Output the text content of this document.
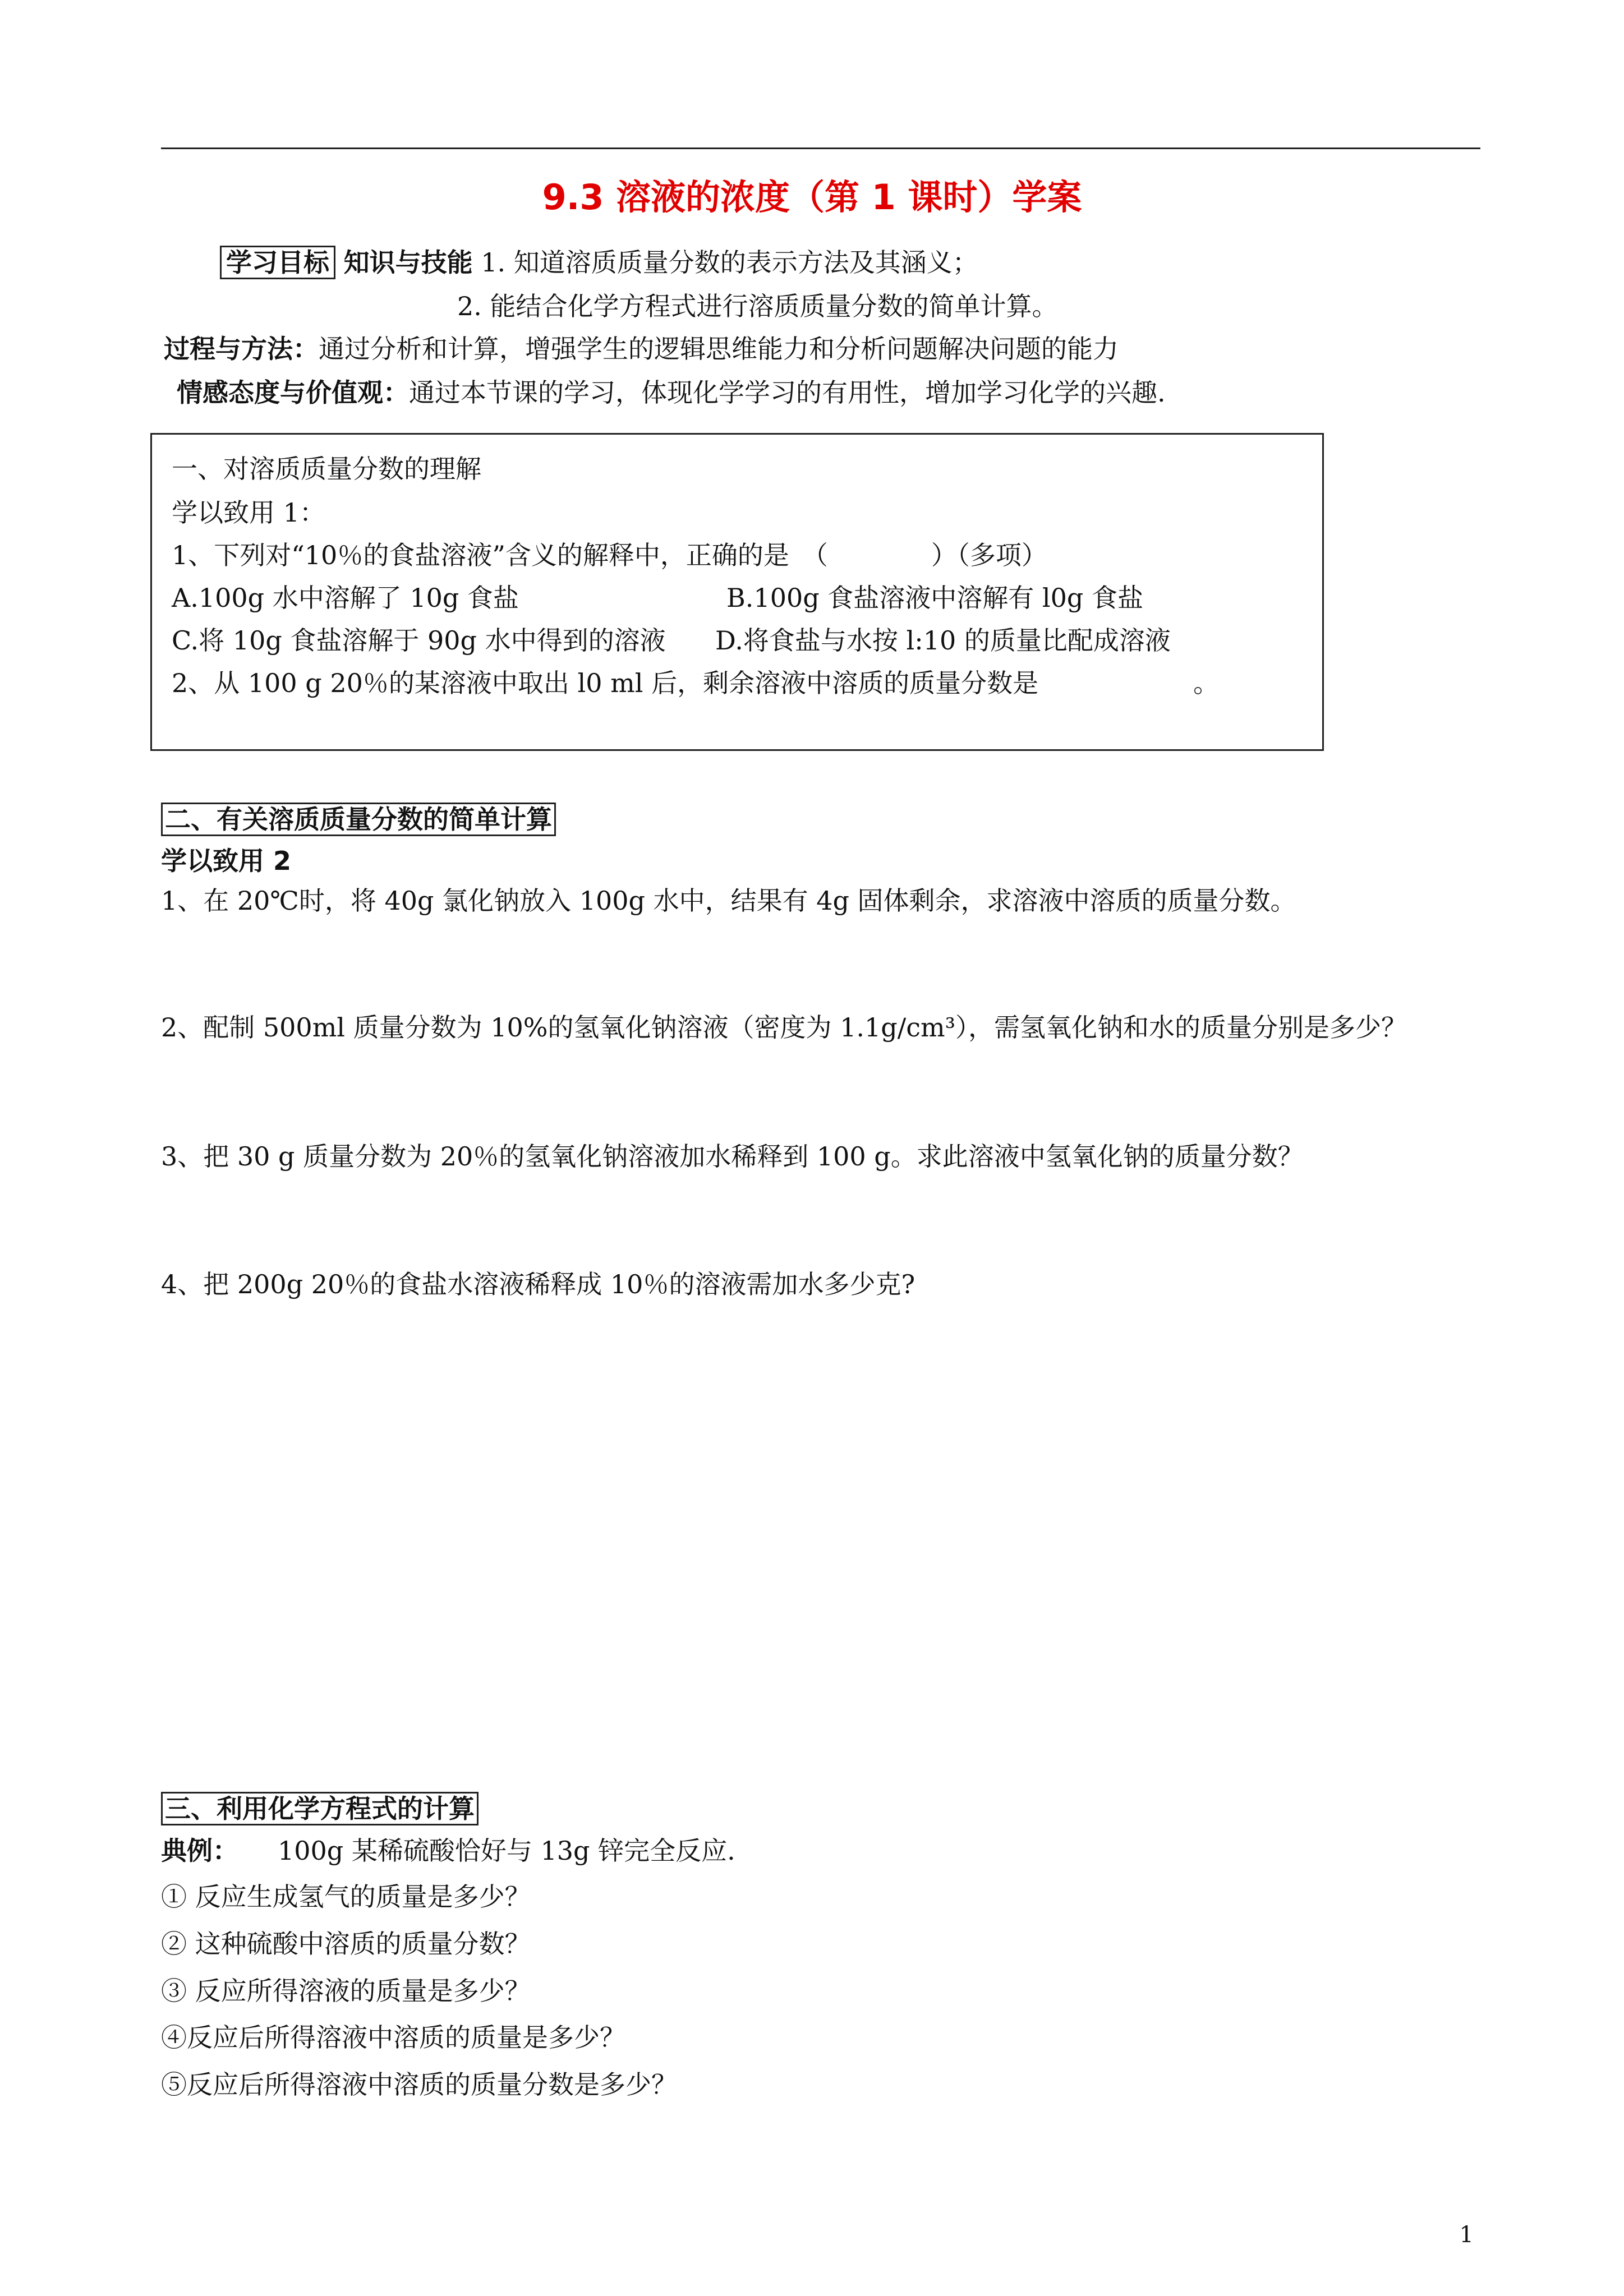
9.3 溶液的浓度（第 1 课时）学案
学习目标 知识与技能 1. 知道溶质质量分数的表示方法及其涵义；
2. 能结合化学方程式进行溶质质量分数的简单计算。
过程与方法：通过分析和计算，增强学生的逻辑思维能力和分析问题解决问题的能力
情感态度与价值观：通过本节课的学习，体现化学学习的有用性，增加学习化学的兴趣.
一、对溶质质量分数的理解
学以致用 1：
1、下列对“10％的食盐溶液”含义的解释中，正确的是　（　　　　）（多项）
A.100g 水中溶解了 10g 食盐	B.100g 食盐溶液中溶解有 l0g 食盐
C.将 10g 食盐溶解于 90g 水中得到的溶液 D.将食盐与水按 l:10 的质量比配成溶液
2、从 100 g 20％的某溶液中取出 l0 ml 后，剩余溶液中溶质的质量分数是　　　　　　。
二、有关溶质质量分数的简单计算
学以致用 2
1、在 20℃时，将 40g 氯化钠放入 100g 水中，结果有 4g 固体剩余，求溶液中溶质的质量分数。
2、配制 500ml 质量分数为 10%的氢氧化钠溶液（密度为 1.1g/cm³），需氢氧化钠和水的质量分别是多少？
3、把 30 g 质量分数为 20％的氢氧化钠溶液加水稀释到 100 g。求此溶液中氢氧化钠的质量分数？
4、把 200g 20％的食盐水溶液稀释成 10％的溶液需加水多少克?
三、利用化学方程式的计算
典例： 100g 某稀硫酸恰好与 13g 锌完全反应.
① 反应生成氢气的质量是多少？
② 这种硫酸中溶质的质量分数？
③ 反应所得溶液的质量是多少？
④反应后所得溶液中溶质的质量是多少？
⑤反应后所得溶液中溶质的质量分数是多少？
1
